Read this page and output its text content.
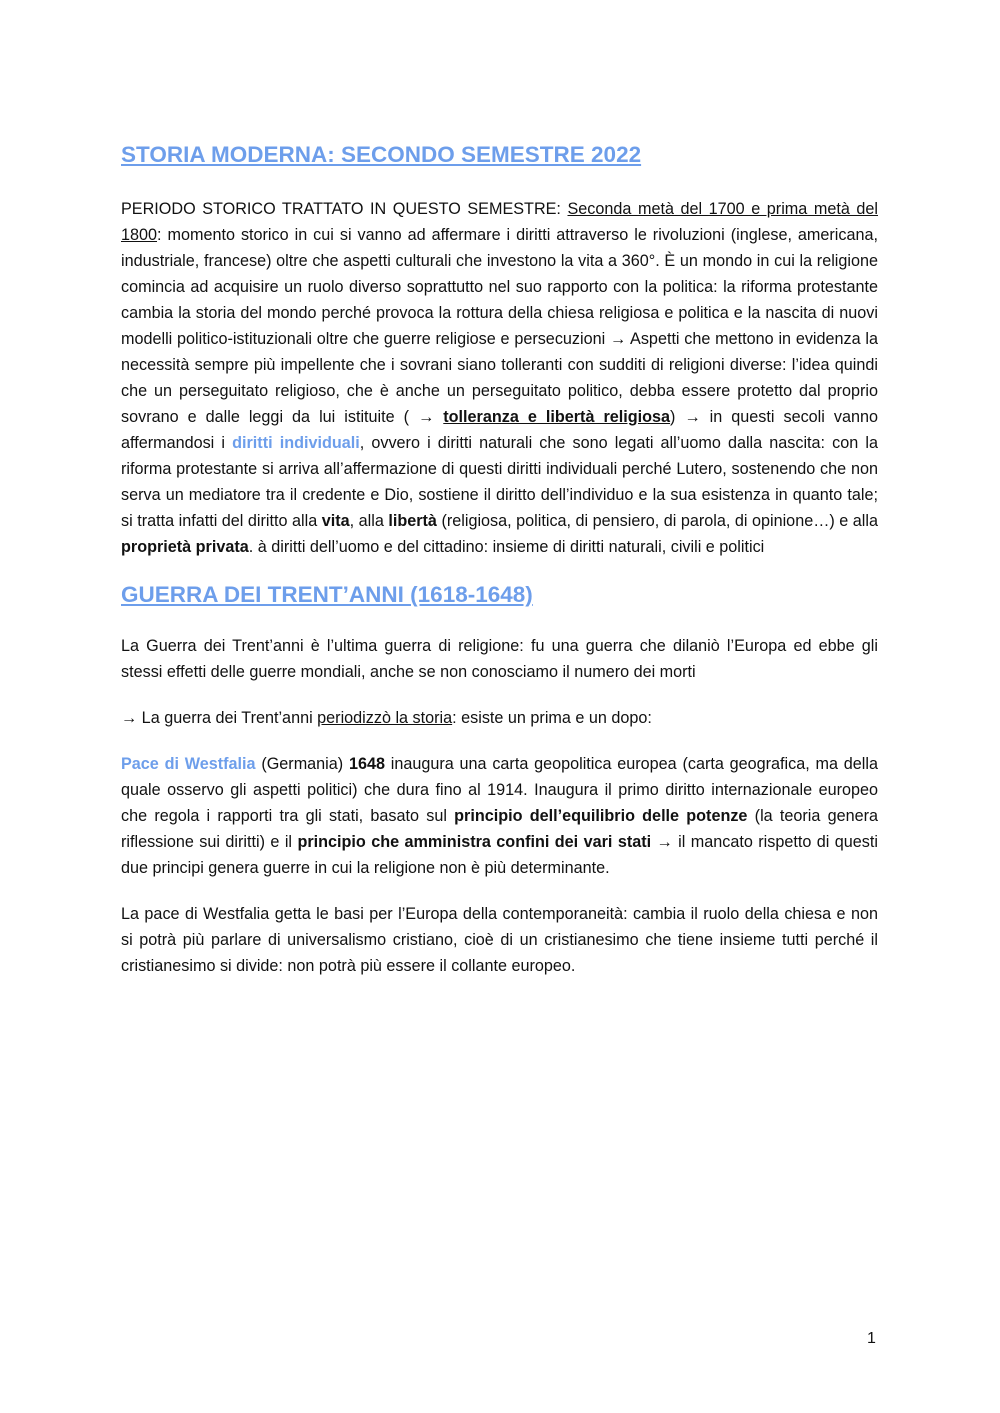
STORIA MODERNA: SECONDO SEMESTRE 2022

PERIODO STORICO TRATTATO IN QUESTO SEMESTRE: Seconda metà del 1700 e prima metà del 1800: momento storico in cui si vanno ad affermare i diritti attraverso le rivoluzioni (inglese, americana, industriale, francese) oltre che aspetti culturali che investono la vita a 360°. È un mondo in cui la religione comincia ad acquisire un ruolo diverso soprattutto nel suo rapporto con la politica: la riforma protestante cambia la storia del mondo perché provoca la rottura della chiesa religiosa e politica e la nascita di nuovi modelli politico-istituzionali oltre che guerre religiose e persecuzioni → Aspetti che mettono in evidenza la necessità sempre più impellente che i sovrani siano tolleranti con sudditi di religioni diverse: l’idea quindi che un perseguitato religioso, che è anche un perseguitato politico, debba essere protetto dal proprio sovrano e dalle leggi da lui istituite ( → tolleranza e libertà religiosa) → in questi secoli vanno affermandosi i diritti individuali, ovvero i diritti naturali che sono legati all’uomo dalla nascita: con la riforma protestante si arriva all’affermazione di questi diritti individuali perché Lutero, sostenendo che non serva un mediatore tra il credente e Dio, sostiene il diritto dell’individuo e la sua esistenza in quanto tale; si tratta infatti del diritto alla vita, alla libertà (religiosa, politica, di pensiero, di parola, di opinione…) e alla proprietà privata. à diritti dell’uomo e del cittadino: insieme di diritti naturali, civili e politici

GUERRA DEI TRENT’ANNI (1618-1648)

La Guerra dei Trent’anni è l’ultima guerra di religione: fu una guerra che dilaniò l’Europa ed ebbe gli stessi effetti delle guerre mondiali, anche se non conosciamo il numero dei morti

→ La guerra dei Trent’anni periodizzò la storia: esiste un prima e un dopo:

Pace di Westfalia (Germania) 1648 inaugura una carta geopolitica europea (carta geografica, ma della quale osservo gli aspetti politici) che dura fino al 1914. Inaugura il primo diritto internazionale europeo che regola i rapporti tra gli stati, basato sul principio dell’equilibrio delle potenze (la teoria genera riflessione sui diritti) e il principio che amministra confini dei vari stati → il mancato rispetto di questi due principi genera guerre in cui la religione non è più determinante.

La pace di Westfalia getta le basi per l’Europa della contemporaneità: cambia il ruolo della chiesa e non si potrà più parlare di universalismo cristiano, cioè di un cristianesimo che tiene insieme tutti perché il cristianesimo si divide: non potrà più essere il collante europeo.

1
